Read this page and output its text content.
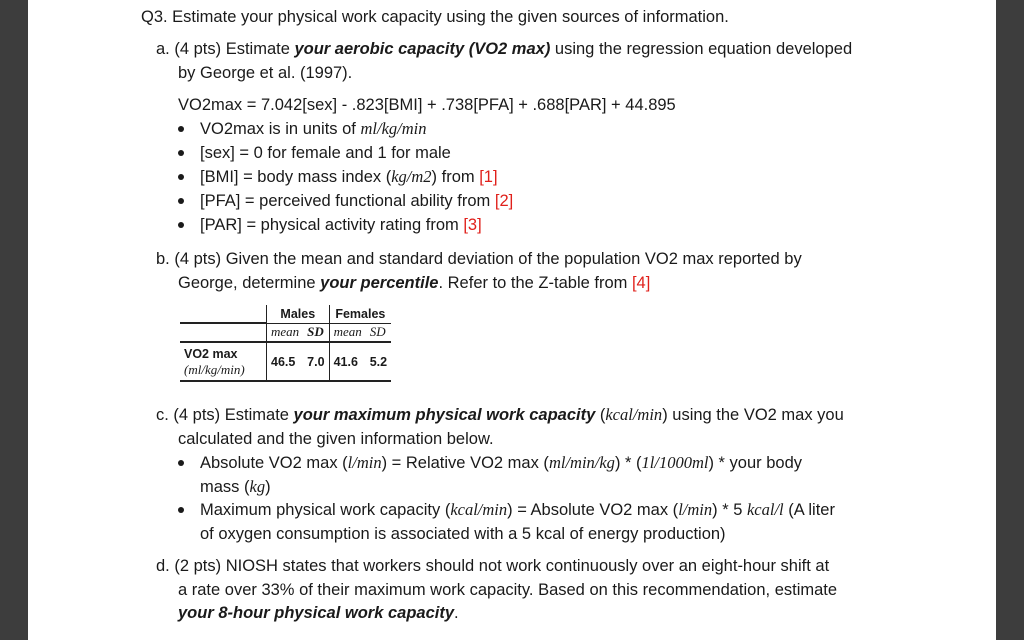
Q3. Estimate your physical work capacity using the given sources of information.
a. (4 pts) Estimate your aerobic capacity (VO2 max) using the regression equation developed
by George et al. (1997).
VO2max = 7.042[sex] - .823[BMI] + .738[PFA] + .688[PAR] + 44.895
VO2max is in units of ml/kg/min
[sex] = 0 for female and 1 for male
[BMI] = body mass index (kg/m2) from [1]
[PFA] = perceived functional ability from [2]
[PAR] = physical activity rating from [3]
b. (4 pts) Given the mean and standard deviation of the population VO2 max reported by
George, determine your percentile. Refer to the Z-table from [4]
	Males		Females	
	mean	SD	mean	SD

VO2 max
(ml/kg/min)	46.5	7.0	41.6	5.2
c. (4 pts) Estimate your maximum physical work capacity (kcal/min) using the VO2 max you
calculated and the given information below.
Absolute VO2 max (l/min) = Relative VO2 max (ml/min/kg) * (1l/1000ml) * your body
mass (kg)
Maximum physical work capacity (kcal/min) = Absolute VO2 max (l/min) * 5 kcal/l (A liter
of oxygen consumption is associated with a 5 kcal of energy production)
d. (2 pts) NIOSH states that workers should not work continuously over an eight-hour shift at
a rate over 33% of their maximum work capacity. Based on this recommendation, estimate
your 8-hour physical work capacity.
